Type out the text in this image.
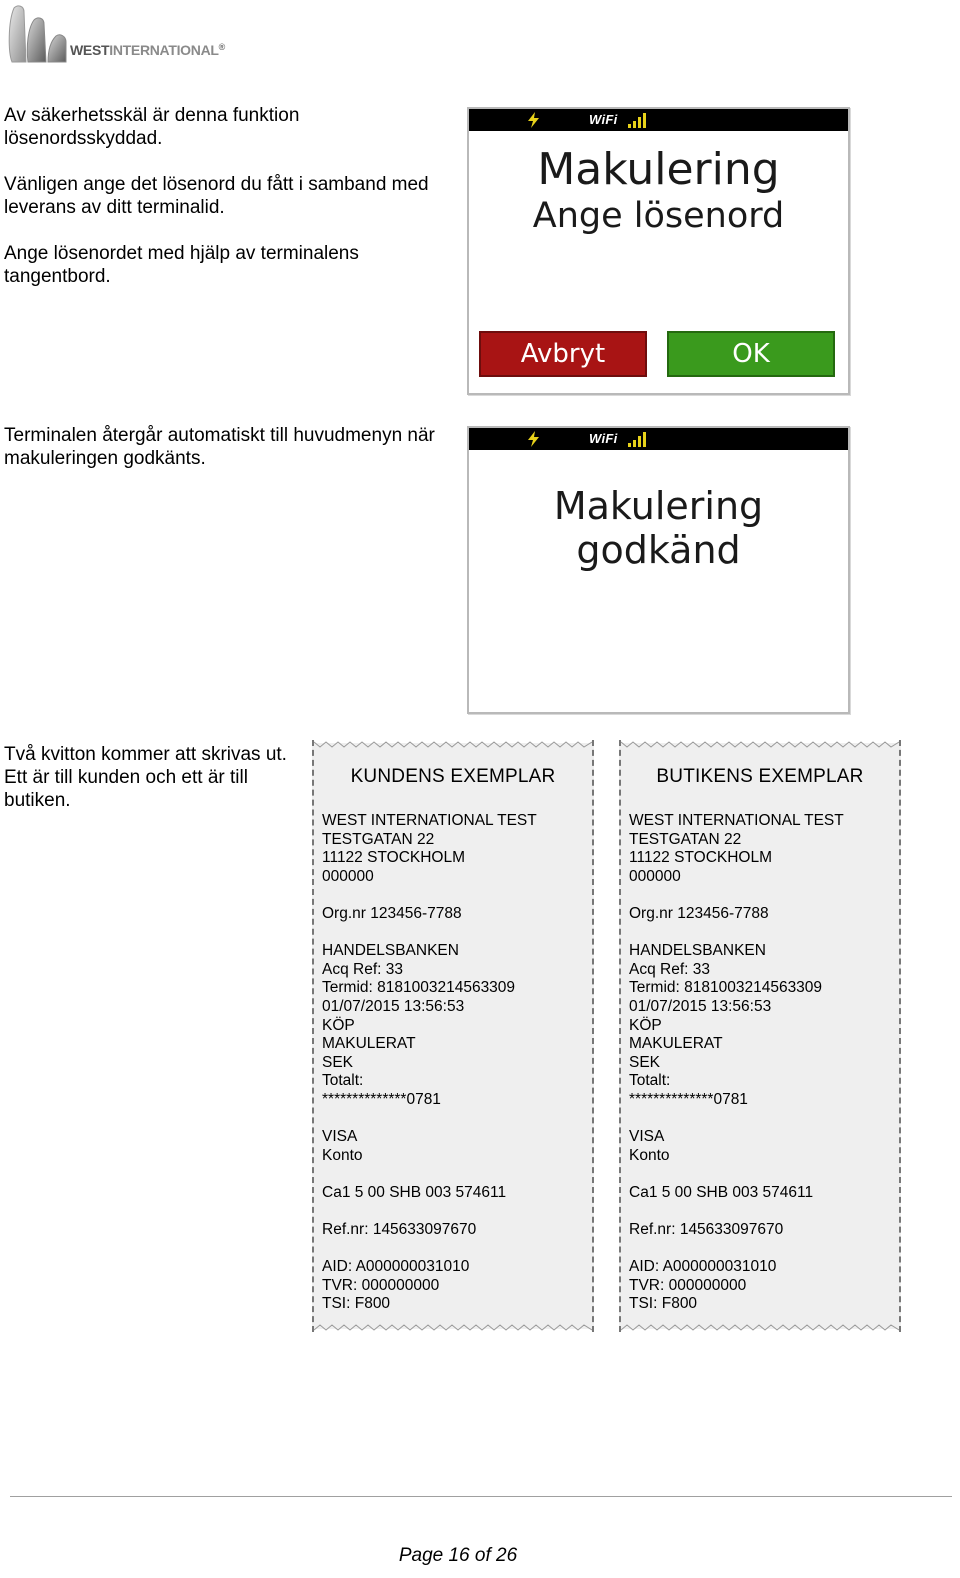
WESTINTERNATIONAL®

Av säkerhetsskäl är denna funktion lösenordsskyddad.

Vänligen ange det lösenord du fått i samband med leverans av ditt terminalid.

Ange lösenordet med hjälp av terminalens tangentbord.

WiFi
Makulering
Ange lösenord
Avbryt	OK

Terminalen återgår automatiskt till huvudmenyn när makuleringen godkänts.

WiFi
Makulering
godkänd

Två kvitton kommer att skrivas ut. Ett är till kunden och ett är till butiken.

KUNDENS EXEMPLAR
WEST INTERNATIONAL TEST
TESTGATAN 22
11122 STOCKHOLM
000000
Org.nr 123456-7788
HANDELSBANKEN
Acq Ref: 33
Termid: 8181003214563309
01/07/2015 13:56:53
KÖP
MAKULERAT
SEK
Totalt:
**************0781
VISA
Konto
Ca1 5 00 SHB 003 574611
Ref.nr: 145633097670
AID: A000000031010
TVR: 000000000
TSI: F800
BUTIKENS EXEMPLAR
WEST INTERNATIONAL TEST
TESTGATAN 22
11122 STOCKHOLM
000000
Org.nr 123456-7788
HANDELSBANKEN
Acq Ref: 33
Termid: 8181003214563309
01/07/2015 13:56:53
KÖP
MAKULERAT
SEK
Totalt:
**************0781
VISA
Konto
Ca1 5 00 SHB 003 574611
Ref.nr: 145633097670
AID: A000000031010
TVR: 000000000
TSI: F800
Page 16 of 26
